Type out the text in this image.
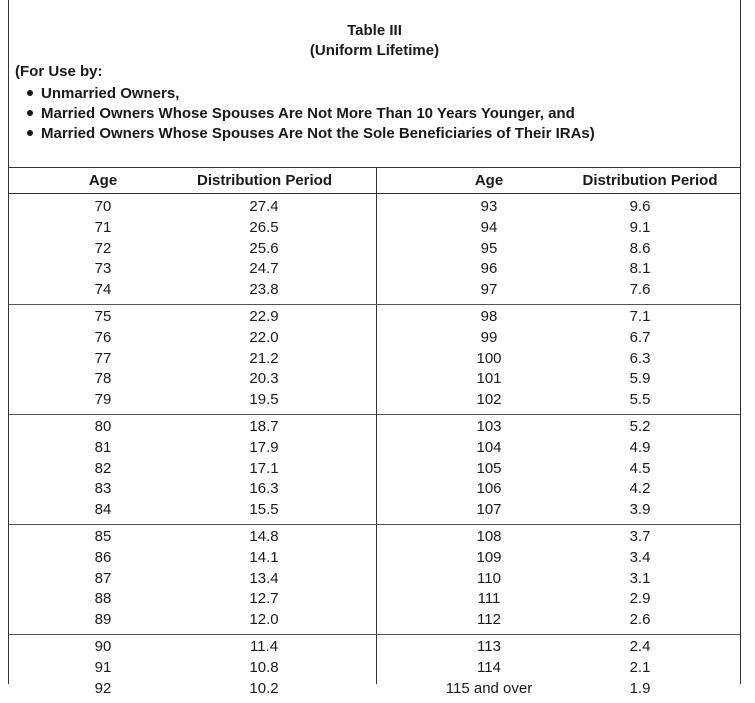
Table III
(Uniform Lifetime)
(For Use by:
Unmarried Owners,
Married Owners Whose Spouses Are Not More Than 10 Years Younger, and
Married Owners Whose Spouses Are Not the Sole Beneficiaries of Their IRAs)
Age	Distribution Period	Age	Distribution Period
70	27.4	93	9.6
71	26.5	94	9.1
72	25.6	95	8.6
73	24.7	96	8.1
74	23.8	97	7.6
75	22.9	98	7.1
76	22.0	99	6.7
77	21.2	100	6.3
78	20.3	101	5.9
79	19.5	102	5.5
80	18.7	103	5.2
81	17.9	104	4.9
82	17.1	105	4.5
83	16.3	106	4.2
84	15.5	107	3.9
85	14.8	108	3.7
86	14.1	109	3.4
87	13.4	110	3.1
88	12.7	111	2.9
89	12.0	112	2.6
90	11.4	113	2.4
91	10.8	114	2.1
92	10.2	115 and over	1.9
